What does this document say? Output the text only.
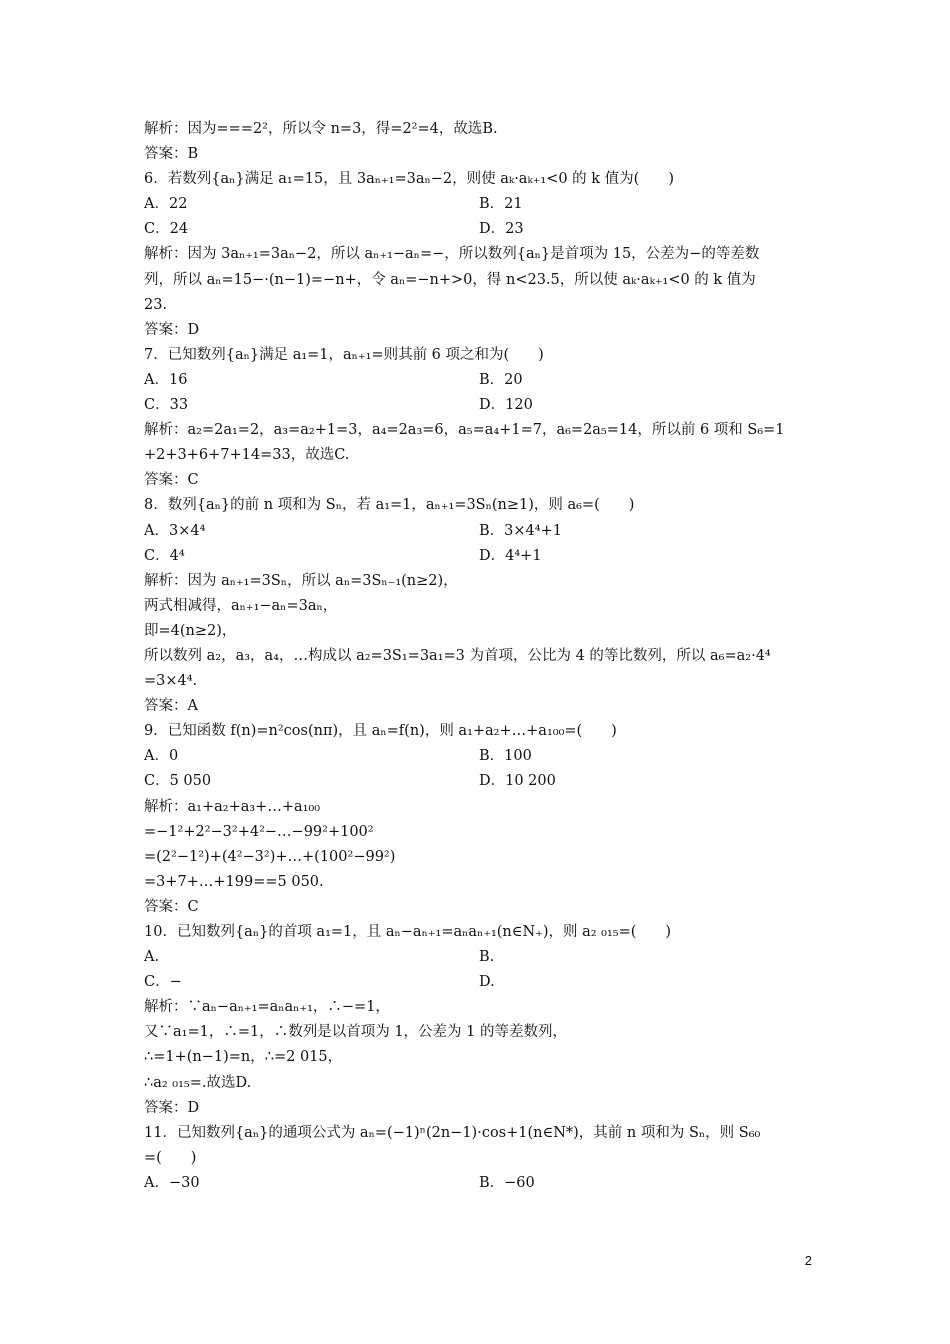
解析：因为===2²，所以令 n=3，得=2²=4，故选B.
答案：B
6．若数列{aₙ}满足 a₁=15，且 3aₙ₊₁=3aₙ−2，则使 aₖ·aₖ₊₁<0 的 k 值为(　　)
A．22	B．21
C．24	D．23
解析：因为 3aₙ₊₁=3aₙ−2，所以 aₙ₊₁−aₙ=−，所以数列{aₙ}是首项为 15，公差为−的等差数
列，所以 aₙ=15−·(n−1)=−n+，令 aₙ=−n+>0，得 n<23.5，所以使 aₖ·aₖ₊₁<0 的 k 值为
23.
答案：D
7．已知数列{aₙ}满足 a₁=1，aₙ₊₁=则其前 6 项之和为(　　)
A．16	B．20
C．33	D．120
解析：a₂=2a₁=2，a₃=a₂+1=3，a₄=2a₃=6，a₅=a₄+1=7，a₆=2a₅=14，所以前 6 项和 S₆=1
+2+3+6+7+14=33，故选C.
答案：C
8．数列{aₙ}的前 n 项和为 Sₙ，若 a₁=1，aₙ₊₁=3Sₙ(n≥1)，则 a₆=(　　)
A．3×4⁴	B．3×4⁴+1
C．4⁴	D．4⁴+1
解析：因为 aₙ₊₁=3Sₙ，所以 aₙ=3Sₙ₋₁(n≥2)，
两式相减得，aₙ₊₁−aₙ=3aₙ，
即=4(n≥2)，
所以数列 a₂，a₃，a₄，…构成以 a₂=3S₁=3a₁=3 为首项，公比为 4 的等比数列，所以 a₆=a₂·4⁴
=3×4⁴.
答案：A
9．已知函数 f(n)=n²cos(nπ)，且 aₙ=f(n)，则 a₁+a₂+…+a₁₀₀=(　　)
A．0	B．100
C．5 050	D．10 200
解析：a₁+a₂+a₃+…+a₁₀₀
=−1²+2²−3²+4²−…−99²+100²
=(2²−1²)+(4²−3²)+…+(100²−99²)
=3+7+…+199==5 050.
答案：C
10．已知数列{aₙ}的首项 a₁=1，且 aₙ−aₙ₊₁=aₙaₙ₊₁(n∈N₊)，则 a₂ ₀₁₅=(　　)
A.	B.
C．−	D.
解析：∵aₙ−aₙ₊₁=aₙaₙ₊₁，∴−=1，
又∵a₁=1，∴=1，∴数列是以首项为 1，公差为 1 的等差数列，
∴=1+(n−1)=n，∴=2 015，
∴a₂ ₀₁₅=.故选D.
答案：D
11．已知数列{aₙ}的通项公式为 aₙ=(−1)ⁿ(2n−1)·cos+1(n∈N*)，其前 n 项和为 Sₙ，则 S₆₀
=(　　)
A．−30	B．−60
2
